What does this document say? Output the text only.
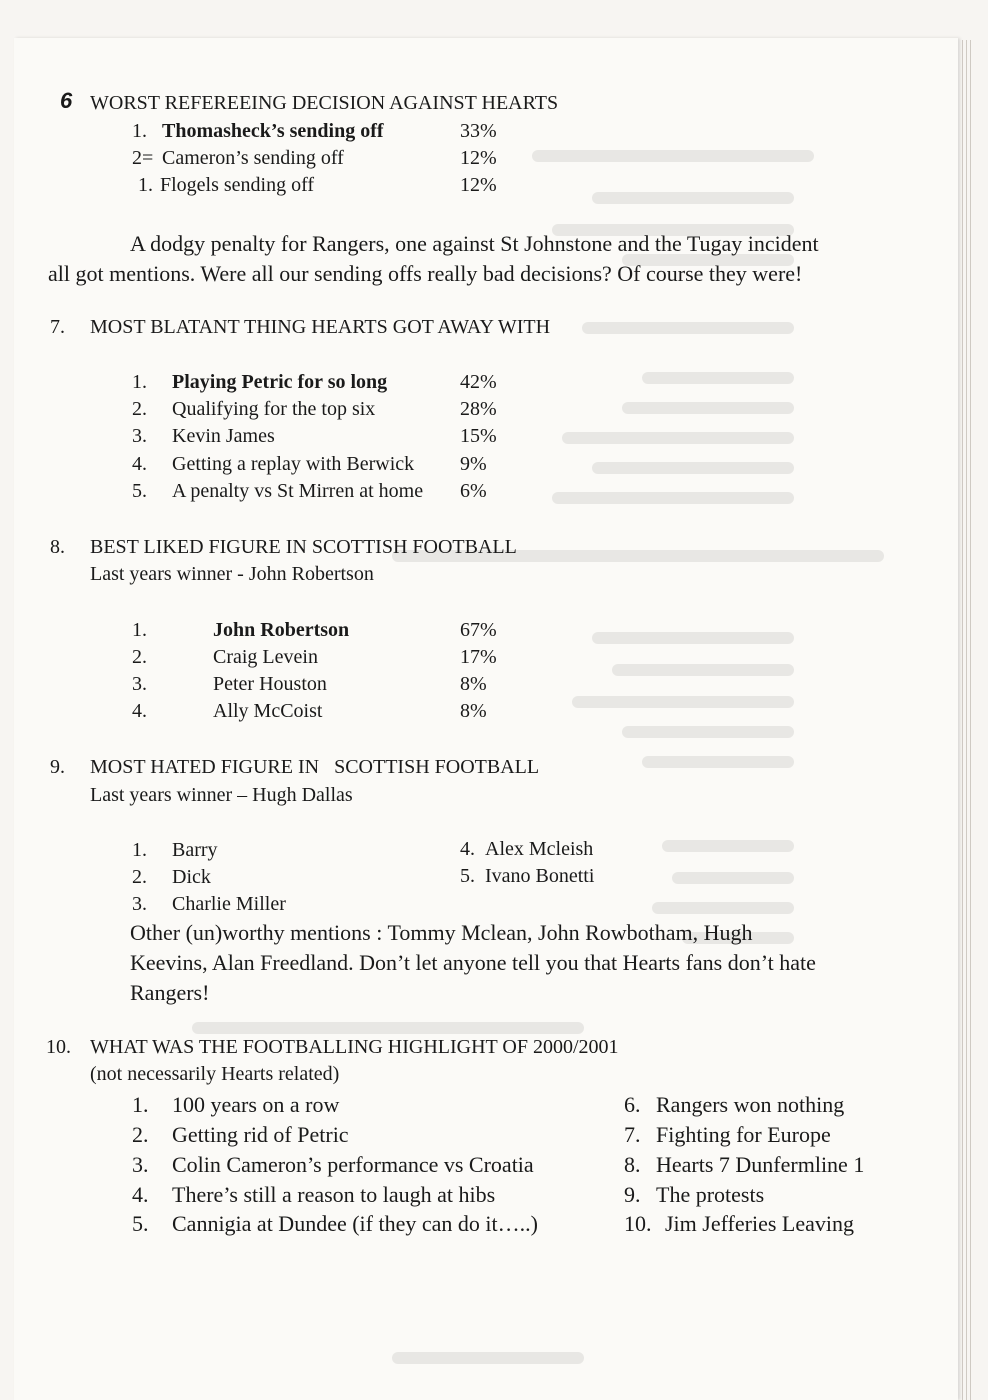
6 WORST REFEREEING DECISION AGAINST HEARTS
1. Thomasheck’s sending off	33%
2= Cameron’s sending off	12%
1. Flogels sending off	12%
A dodgy penalty for Rangers, one against St Johnstone and the Tugay incident
all got mentions. Were all our sending offs really bad decisions? Of course they were!
7. MOST BLATANT THING HEARTS GOT AWAY WITH
1. Playing Petric for so long	42%
2. Qualifying for the top six	28%
3. Kevin James	15%
4. Getting a replay with Berwick 9%
5. A penalty vs St Mirren at home 6%
8. BEST LIKED FIGURE IN SCOTTISH FOOTBALL
Last years winner - John Robertson
1.	John Robertson	67%
2.	Craig Levein	17%
3.	Peter Houston	8%
4.	Ally McCoist	8%
9. MOST HATED FIGURE IN   SCOTTISH FOOTBALL
Last years winner – Hugh Dallas
1. Barry
2. Dick
3. Charlie Miller
4. Alex Mcleish
5. Ivano Bonetti
Other (un)worthy mentions : Tommy Mclean, John Rowbotham, Hugh
Keevins, Alan Freedland. Don’t let anyone tell you that Hearts fans don’t hate
Rangers!
10. WHAT WAS THE FOOTBALLING HIGHLIGHT OF 2000/2001
(not necessarily Hearts related)
1. 100 years on a row
2. Getting rid of Petric
3. Colin Cameron’s performance vs Croatia
4. There’s still a reason to laugh at hibs
5. Cannigia at Dundee (if they can do it…..)
6. Rangers won nothing
7. Fighting for Europe
8. Hearts 7 Dunfermline 1
9. The protests
10. Jim Jefferies Leaving
